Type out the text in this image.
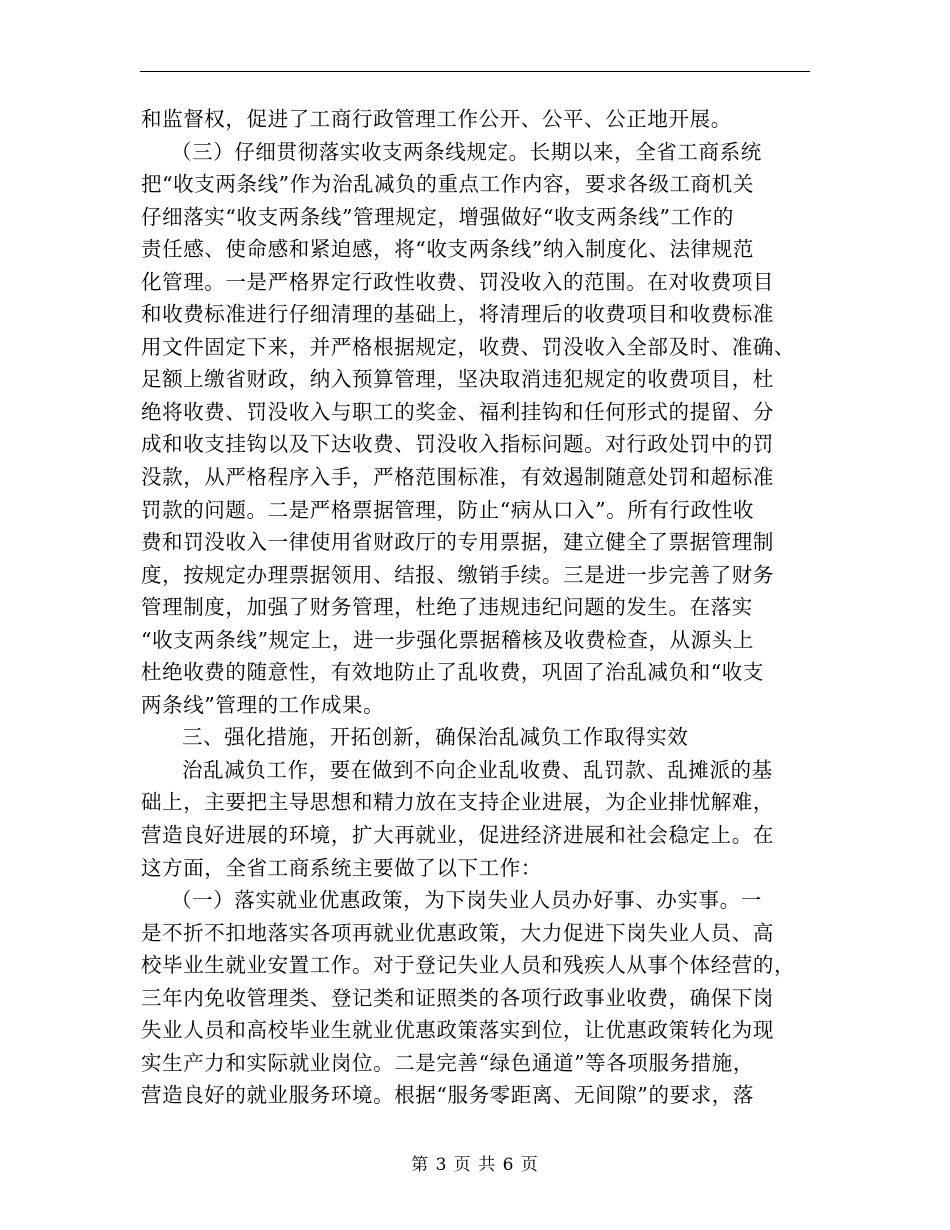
和监督权，促进了工商行政管理工作公开、公平、公正地开展。
（三）仔细贯彻落实收支两条线规定。长期以来，全省工商系统
把“收支两条线”作为治乱减负的重点工作内容，要求各级工商机关
仔细落实“收支两条线”管理规定，增强做好“收支两条线”工作的
责任感、使命感和紧迫感，将“收支两条线”纳入制度化、法律规范
化管理。一是严格界定行政性收费、罚没收入的范围。在对收费项目
和收费标准进行仔细清理的基础上，将清理后的收费项目和收费标准
用文件固定下来，并严格根据规定，收费、罚没收入全部及时、准确、
足额上缴省财政，纳入预算管理，坚决取消违犯规定的收费项目，杜
绝将收费、罚没收入与职工的奖金、福利挂钩和任何形式的提留、分
成和收支挂钩以及下达收费、罚没收入指标问题。对行政处罚中的罚
没款，从严格程序入手，严格范围标准，有效遏制随意处罚和超标准
罚款的问题。二是严格票据管理，防止“病从口入”。所有行政性收
费和罚没收入一律使用省财政厅的专用票据，建立健全了票据管理制
度，按规定办理票据领用、结报、缴销手续。三是进一步完善了财务
管理制度，加强了财务管理，杜绝了违规违纪问题的发生。在落实
“收支两条线”规定上，进一步强化票据稽核及收费检查，从源头上
杜绝收费的随意性，有效地防止了乱收费，巩固了治乱减负和“收支
两条线”管理的工作成果。
三、强化措施，开拓创新，确保治乱减负工作取得实效
治乱减负工作，要在做到不向企业乱收费、乱罚款、乱摊派的基
础上，主要把主导思想和精力放在支持企业进展，为企业排忧解难，
营造良好进展的环境，扩大再就业，促进经济进展和社会稳定上。在
这方面，全省工商系统主要做了以下工作：
（一）落实就业优惠政策，为下岗失业人员办好事、办实事。一
是不折不扣地落实各项再就业优惠政策，大力促进下岗失业人员、高
校毕业生就业安置工作。对于登记失业人员和残疾人从事个体经营的，
三年内免收管理类、登记类和证照类的各项行政事业收费，确保下岗
失业人员和高校毕业生就业优惠政策落实到位，让优惠政策转化为现
实生产力和实际就业岗位。二是完善“绿色通道”等各项服务措施，
营造良好的就业服务环境。根据“服务零距离、无间隙”的要求，落
第 3 页 共 6 页
